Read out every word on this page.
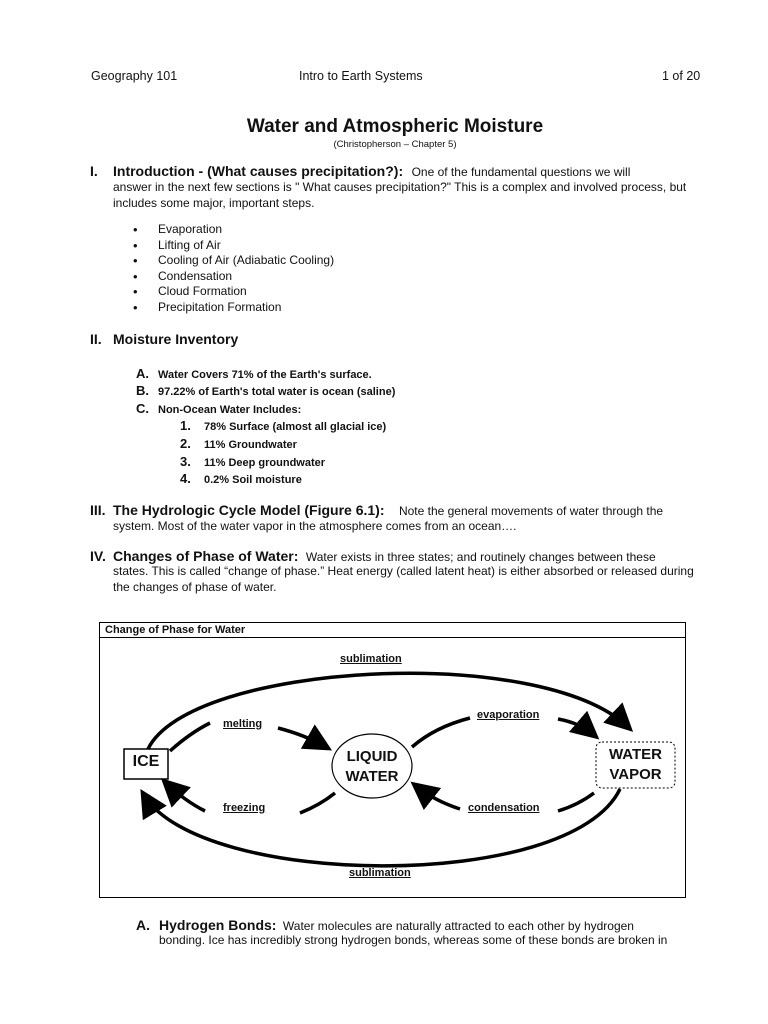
Geography 101	Intro to Earth Systems	1 of 20
Water and Atmospheric Moisture
(Christopherson – Chapter 5)
I. Introduction - (What causes precipitation?): One of the fundamental questions we will
answer in the next few sections is " What causes precipitation?" This is a complex and involved process, but includes some major, important steps.
• Evaporation
• Lifting of Air
• Cooling of Air (Adiabatic Cooling)
• Condensation
• Cloud Formation
• Precipitation Formation
II. Moisture Inventory
A. Water Covers 71% of the Earth's surface.
B. 97.22% of Earth's total water is ocean (saline)
C. Non-Ocean Water Includes:
1. 78% Surface (almost all glacial ice)
2. 11% Groundwater
3. 11% Deep groundwater
4. 0.2% Soil moisture
III. The Hydrologic Cycle Model (Figure 6.1): Note the general movements of water through the
system. Most of the water vapor in the atmosphere comes from an ocean….
IV. Changes of Phase of Water: Water exists in three states; and routinely changes between these
states. This is called “change of phase.” Heat energy (called latent heat) is either absorbed or released during the changes of phase of water.
Change of Phase for Water
ICE	LIQUID
WATER
WATER
VAPOR
sublimation
melting
evaporation
freezing	condensation
sublimation
A. Hydrogen Bonds: Water molecules are naturally attracted to each other by hydrogen
bonding. Ice has incredibly strong hydrogen bonds, whereas some of these bonds are broken in
